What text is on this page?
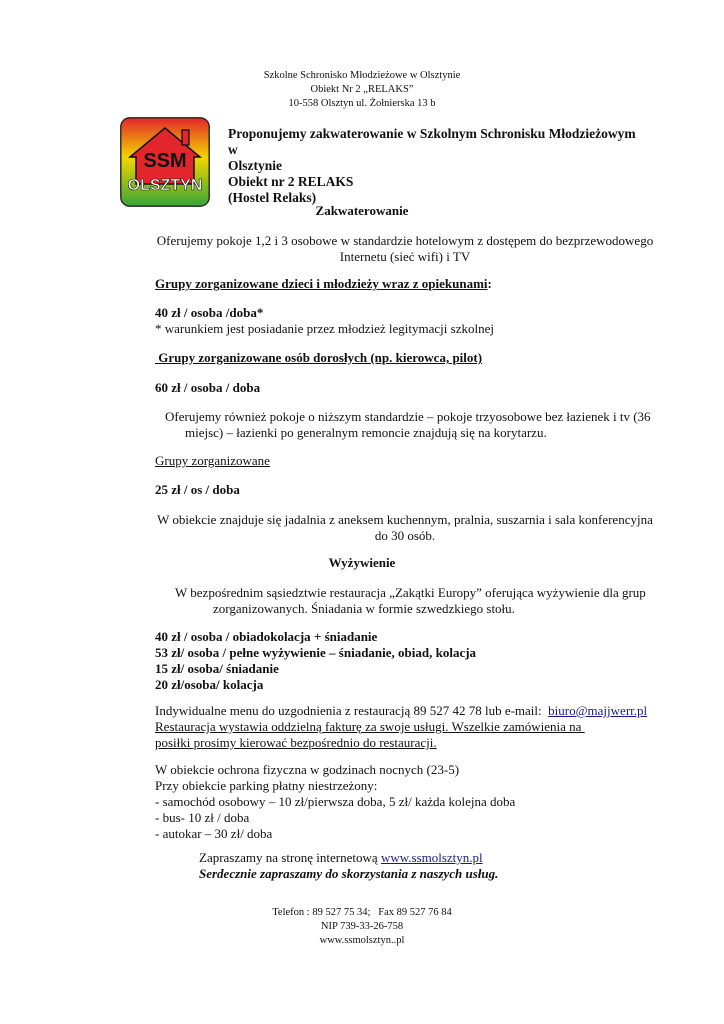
Szkolne Schronisko Młodzieżowe w Olsztynie
Obiekt Nr 2 „RELAKS”
10-558 Olsztyn ul. Żołnierska 13 b
SSM
OLSZTYN
Proponujemy zakwaterowanie w Szkolnym Schronisku Młodzieżowym w
Olsztynie
Obiekt nr 2 RELAKS
(Hostel Relaks)
Zakwaterowanie
Oferujemy pokoje 1,2 i 3 osobowe w standardzie hotelowym z dostępem do bezprzewodowego
Internetu (sieć wifi) i TV
Grupy zorganizowane dzieci i młodzieży wraz z opiekunami:
40 zł / osoba /doba*
* warunkiem jest posiadanie przez młodzież legitymacji szkolnej
Grupy zorganizowane osób dorosłych (np. kierowca, pilot)
60 zł / osoba / doba
Oferujemy również pokoje o niższym standardzie – pokoje trzyosobowe bez łazienek i tv (36
miejsc) – łazienki po generalnym remoncie znajdują się na korytarzu.
Grupy zorganizowane
25 zł / os / doba
W obiekcie znajduje się jadalnia z aneksem kuchennym, pralnia, suszarnia i sala konferencyjna
do 30 osób.
Wyżywienie
W bezpośrednim sąsiedztwie restauracja „Zakątki Europy” oferująca wyżywienie dla grup
zorganizowanych. Śniadania w formie szwedzkiego stołu.
40 zł / osoba / obiadokolacja + śniadanie
53 zł/ osoba / pełne wyżywienie – śniadanie, obiad, kolacja
15 zł/ osoba/ śniadanie
20 zł/osoba/ kolacja
Indywidualne menu do uzgodnienia z restauracją 89 527 42 78 lub e-mail:  biuro@majjwerr.pl
Restauracja wystawia oddzielną fakturę za swoje usługi. Wszelkie zamówienia na
posiłki prosimy kierować bezpośrednio do restauracji.
W obiekcie ochrona fizyczna w godzinach nocnych (23-5)
Przy obiekcie parking płatny niestrzeżony:
- samochód osobowy – 10 zł/pierwsza doba, 5 zł/ każda kolejna doba
- bus- 10 zł / doba
- autokar – 30 zł/ doba
Zapraszamy na stronę internetową www.ssmolsztyn.pl
Serdecznie zapraszamy do skorzystania z naszych usług.
Telefon : 89 527 75 34;   Fax 89 527 76 84
NIP 739-33-26-758
www.ssmolsztyn..pl
